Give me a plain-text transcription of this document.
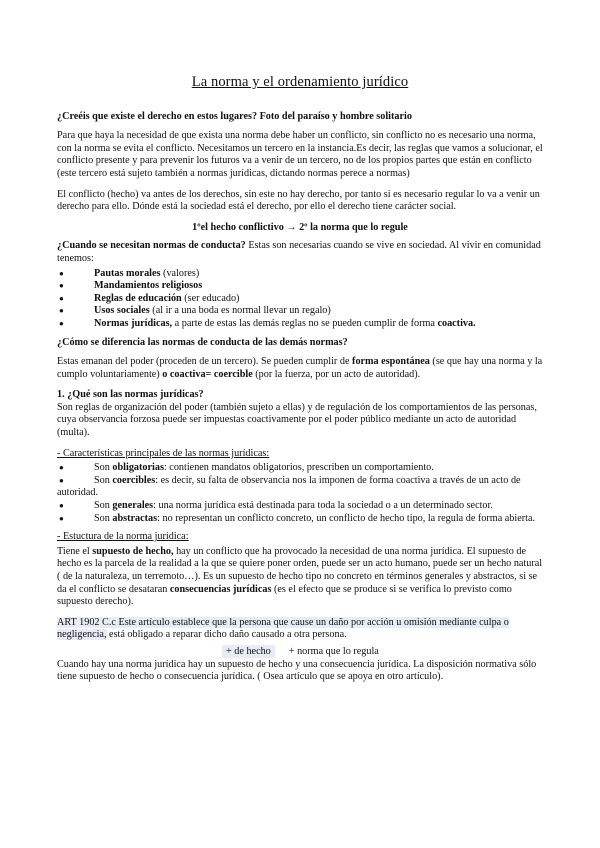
La norma y el ordenamiento jurídico

¿Creéis que existe el derecho en estos lugares? Foto del paraíso y hombre solitario

Para que haya la necesidad de que exista una norma debe haber un conflicto, sin conflicto no es necesario una norma, con la norma se evita el conflicto. Necesitamos un tercero en la instancia.Es decir, las reglas que vamos a solucionar, el conflicto presente y para prevenir los futuros va a venir de un tercero, no de los propios partes que están en conflicto (este tercero está sujeto también a normas jurídicas, dictando normas perece a normas)

El conflicto (hecho) va antes de los derechos, sin este no hay derecho, por tanto si es necesario regular lo va a venir un derecho para ello. Dónde está la sociedad está el derecho, por ello el derecho tiene carácter social.

1ºel hecho conflictivo → 2º la norma que lo regule

¿Cuando se necesitan normas de conducta? Estas son necesarias cuando se vive en sociedad. Al vivir en comunidad tenemos:

● Pautas morales (valores)
● Mandamientos religiosos
● Reglas de educación (ser educado)
● Usos sociales (al ir a una boda es normal llevar un regalo)
● Normas jurídicas, a parte de estas las demás reglas no se pueden cumplir de forma coactiva.

¿Cómo se diferencia las normas de conducta de las demás normas?

Estas emanan del poder (proceden de un tercero). Se pueden cumplir de forma espontánea (se que hay una norma y la cumplo voluntariamente) o coactiva= coercible (por la fuerza, por un acto de autoridad).

1. ¿Qué son las normas jurídicas?

Son reglas de organización del poder (también sujeto a ellas) y de regulación de los comportamientos de las personas, cuya observancia forzosa puede ser impuestas coactivamente por el poder público mediante un acto de autoridad (multa).

- Características principales de las normas jurídicas:

● Son obligatorias: contienen mandatos obligatorios, prescriben un comportamiento.
● Son coercibles: es decir, su falta de observancia nos la imponen de forma coactiva a través de un acto de autoridad.
● Son generales: una norma jurídica está destinada para toda la sociedad o a un determinado sector.
● Son abstractas: no representan un conflicto concreto, un conflicto de hecho tipo, la regula de forma abierta.

- Estuctura de la norma jurídica:

Tiene el supuesto de hecho, hay un conflicto que ha provocado la necesidad de una norma jurídica. El supuesto de hecho es la parcela de la realidad a la que se quiere poner orden, puede ser un acto humano, puede ser un hecho natural ( de la naturaleza, un terremoto…). Es un supuesto de hecho tipo no concreto en términos generales y abstractos, si se da el conflicto se desataran consecuencias jurídicas (es el efecto que se produce si se verifica lo previsto como supuesto derecho).

ART 1902 C.c Este artículo establece que la persona que cause un daño por acción u omisión mediante culpa o negligencia, está obligado a reparar dicho daño causado a otra persona.

+ de hecho + norma que lo regula

Cuando hay una norma jurídica hay un supuesto de hecho y una consecuencia jurídica. La disposición normativa sólo tiene supuesto de hecho o consecuencia jurídica. ( Osea artículo que se apoya en otro artículo).
